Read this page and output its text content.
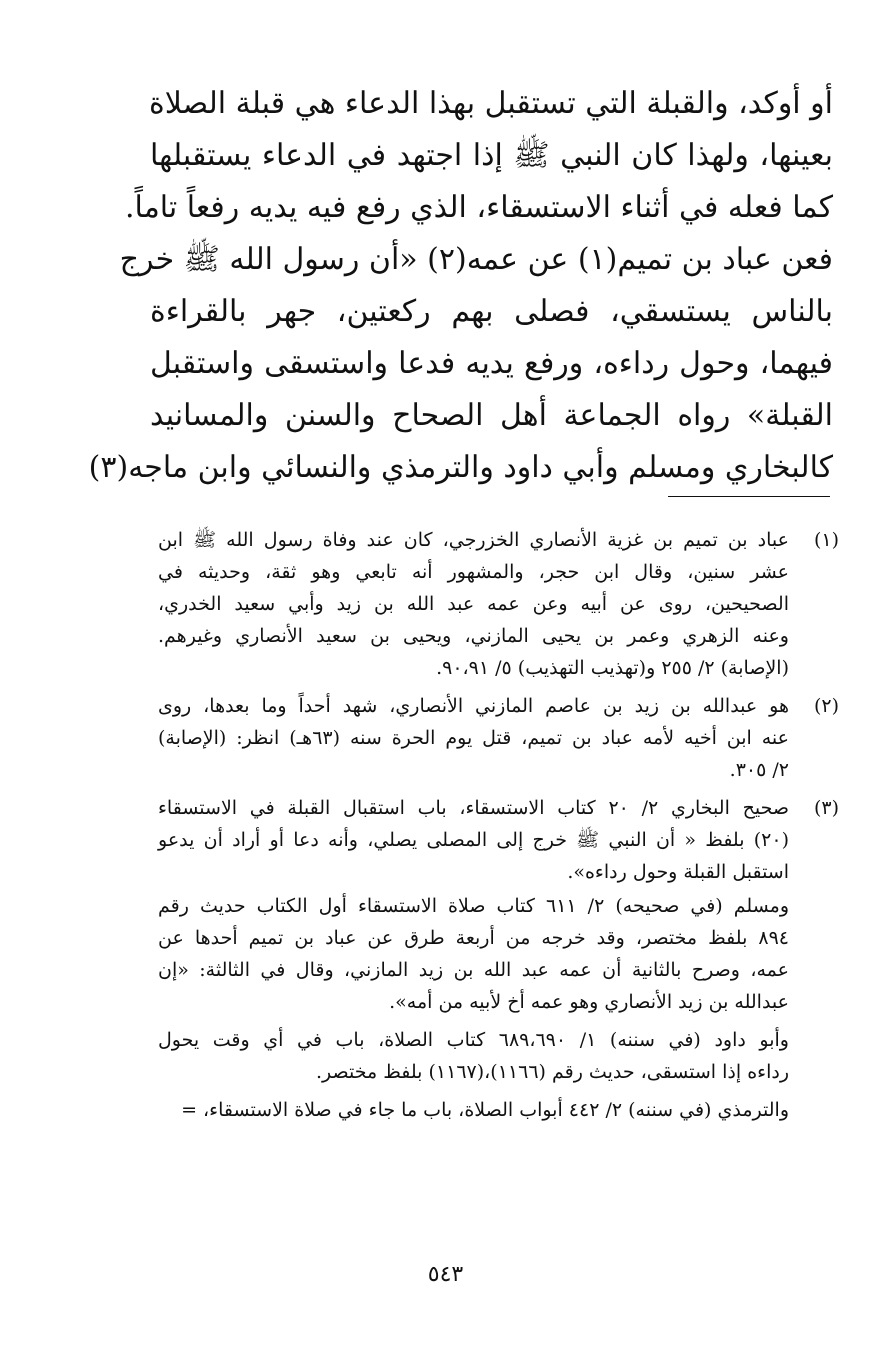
أو أوكد، والقبلة التي تستقبل بهذا الدعاء هي قبلة الصلاة
بعينها، ولهذا كان النبي ﷺ إذا اجتهد في الدعاء يستقبلها
كما فعله في أثناء الاستسقاء، الذي رفع فيه يديه رفعاً تاماً.
فعن عباد بن تميم(١) عن عمه(٢) «أن رسول الله ﷺ خرج
بالناس يستسقي، فصلى بهم ركعتين، جهر بالقراءة
فيهما، وحول رداءه، ورفع يديه فدعا واستسقى واستقبل
القبلة» رواه الجماعة أهل الصحاح والسنن والمسانيد
كالبخاري ومسلم وأبي داود والترمذي والنسائي وابن ماجه(٣)
(١)
عباد بن تميم بن غزية الأنصاري الخزرجي، كان عند وفاة رسول الله ﷺ ابن
عشر سنين، وقال ابن حجر، والمشهور أنه تابعي وهو ثقة، وحديثه في
الصحيحين، روى عن أبيه وعن عمه عبد الله بن زيد وأبي سعيد الخدري،
وعنه الزهري وعمر بن يحيى المازني، ويحيى بن سعيد الأنصاري وغيرهم.
(الإصابة) ٢/ ٢٥٥ و(تهذيب التهذيب) ٥/ ٩٠،٩١.
(٢)
هو عبدالله بن زيد بن عاصم المازني الأنصاري، شهد أحداً وما بعدها، روى
عنه ابن أخيه لأمه عباد بن تميم، قتل يوم الحرة سنه (٦٣هـ) انظر: (الإصابة)
٢/ ٣٠٥.
(٣)
صحيح البخاري ٢/ ٢٠ كتاب الاستسقاء، باب استقبال القبلة في الاستسقاء
(٢٠) بلفظ « أن النبي ﷺ خرج إلى المصلى يصلي، وأنه دعا أو أراد أن يدعو
استقبل القبلة وحول رداءه».
ومسلم (في صحيحه) ٢/ ٦١١ كتاب صلاة الاستسقاء أول الكتاب حديث رقم
٨٩٤ بلفظ مختصر، وقد خرجه من أربعة طرق عن عباد بن تميم أحدها عن
عمه، وصرح بالثانية أن عمه عبد الله بن زيد المازني، وقال في الثالثة: «إن
عبدالله بن زيد الأنصاري وهو عمه أخ لأبيه من أمه».
وأبو داود (في سننه) ١/ ٦٨٩،٦٩٠ كتاب الصلاة، باب في أي وقت يحول
رداءه إذا استسقى، حديث رقم (١١٦٦)،(١١٦٧) بلفظ مختصر.
والترمذي (في سننه) ٢/ ٤٤٢ أبواب الصلاة، باب ما جاء في صلاة الاستسقاء، =
٥٤٣
